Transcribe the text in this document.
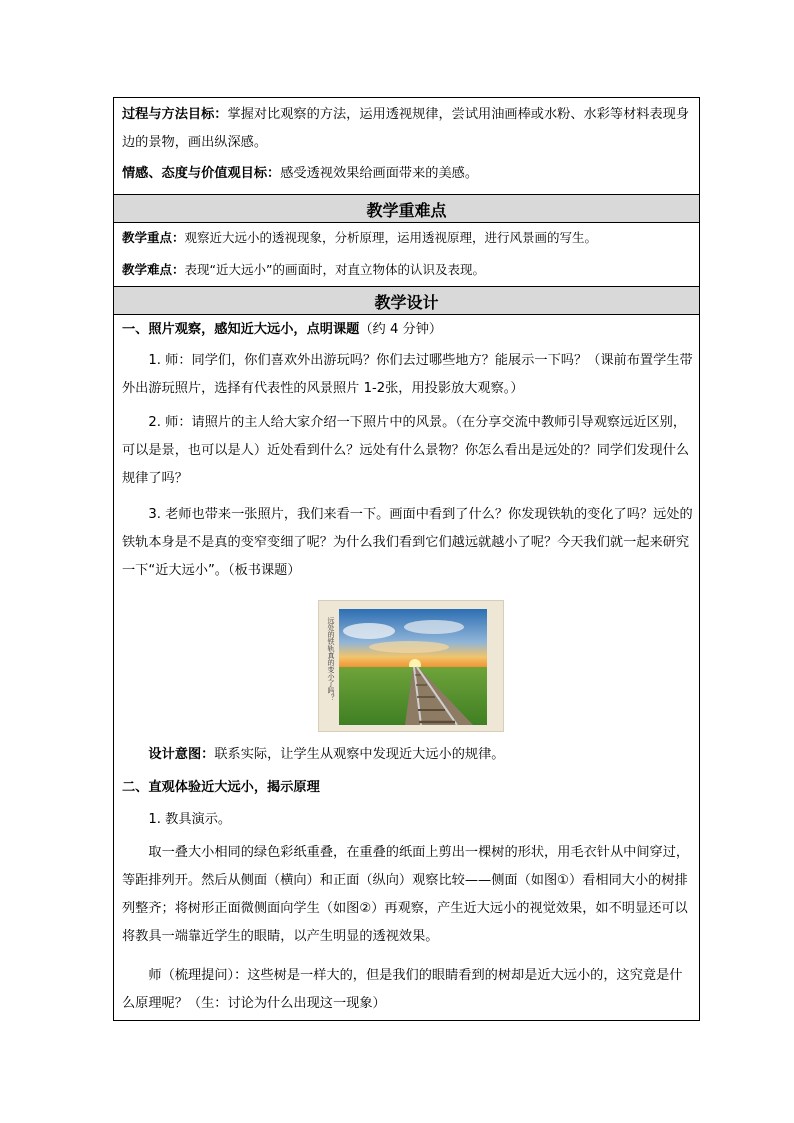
过程与方法目标：掌握对比观察的方法，运用透视规律，尝试用油画棒或水粉、水彩等材料表现身边的景物，画出纵深感。
情感、态度与价值观目标：感受透视效果给画面带来的美感。
教学重难点
教学重点：观察近大远小的透视现象，分析原理，运用透视原理，进行风景画的写生。
教学难点：表现“近大远小”的画面时，对直立物体的认识及表现。
教学设计
一、照片观察，感知近大远小，点明课题（约 4 分钟）
1. 师：同学们，你们喜欢外出游玩吗？你们去过哪些地方？能展示一下吗？（课前布置学生带外出游玩照片，选择有代表性的风景照片 1-2张，用投影放大观察。）
2. 师：请照片的主人给大家介绍一下照片中的风景。（在分享交流中教师引导观察远近区别，可以是景，也可以是人）近处看到什么？远处有什么景物？你怎么看出是远处的？同学们发现什么规律了吗？
3. 老师也带来一张照片，我们来看一下。画面中看到了什么？你发现铁轨的变化了吗？远处的铁轨本身是不是真的变窄变细了呢？为什么我们看到它们越远就越小了呢？今天我们就一起来研究一下“近大远小”。（板书课题）
远处的铁轨真的变小了吗？
设计意图：联系实际，让学生从观察中发现近大远小的规律。
二、直观体验近大远小，揭示原理
1. 教具演示。
取一叠大小相同的绿色彩纸重叠，在重叠的纸面上剪出一棵树的形状，用毛衣针从中间穿过，等距排列开。然后从侧面（横向）和正面（纵向）观察比较——侧面（如图①）看相同大小的树排列整齐；将树形正面微侧面向学生（如图②）再观察，产生近大远小的视觉效果，如不明显还可以将教具一端靠近学生的眼睛，以产生明显的透视效果。
师（梳理提问）：这些树是一样大的，但是我们的眼睛看到的树却是近大远小的，这究竟是什么原理呢？（生：讨论为什么出现这一现象）
